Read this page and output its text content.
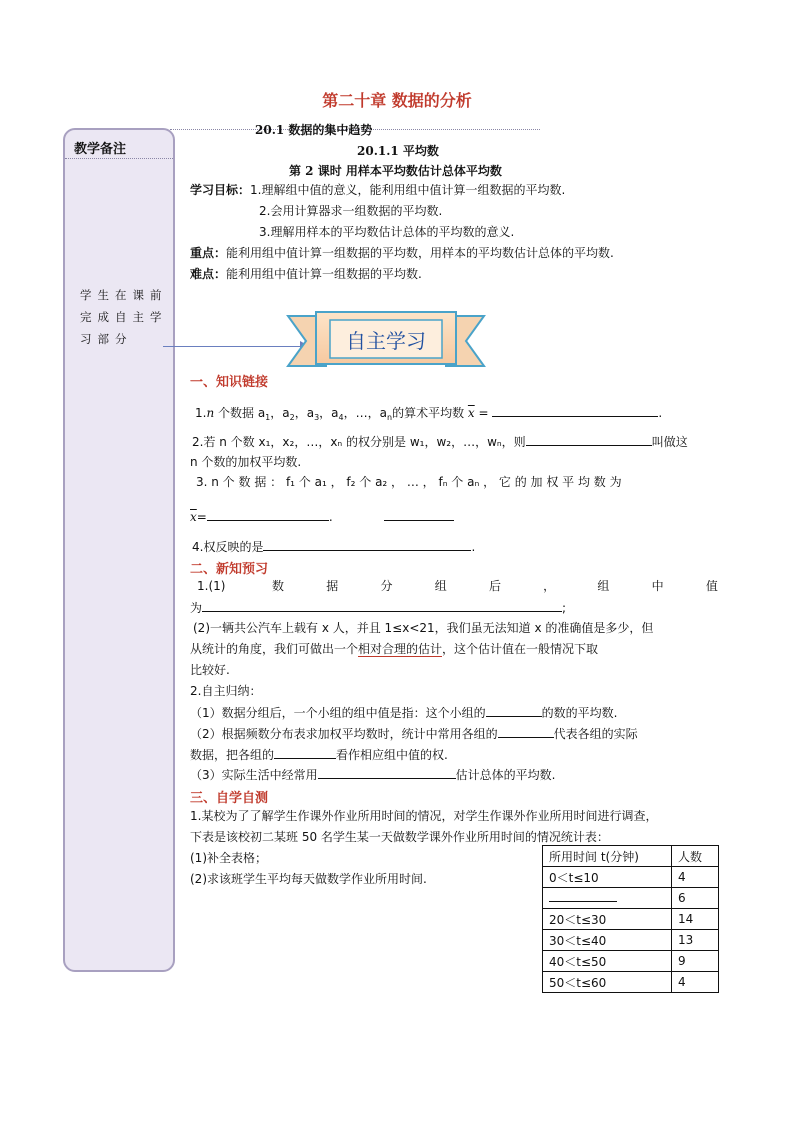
第二十章 数据的分析
教学备注
学生在课前完成自主学习部分
20.1 数据的集中趋势
20.1.1 平均数
第 2 课时 用样本平均数估计总体平均数
学习目标：1.理解组中值的意义，能利用组中值计算一组数据的平均数.
2.会用计算器求一组数据的平均数.
3.理解用样本的平均数估计总体的平均数的意义.
重点：能利用组中值计算一组数据的平均数，用样本的平均数估计总体的平均数.
难点：能利用组中值计算一组数据的平均数.
自主学习
一、知识链接
1.n 个数据 $a_1$，$a_2$，$a_3$，$a_4$，…，$a_n$的算术平均数 $\overline{x}$ =	.
2.若 n 个数 x₁，x₂，…，xₙ 的权分别是 w₁，w₂，…，wₙ，则	叫做这
n 个数的加权平均数.
3. n 个 数 据 ： f₁ 个 a₁ ， f₂ 个 a₂ ， … ， fₙ 个 aₙ ， 它 的 加 权 平 均 数 为
$\overline{x}=$	.
4.权反映的是	.
二、新知预习
1.(1)	数	据	分	组	后	，	组	中	值
为	;
(2)一辆共公汽车上载有 x 人，并且 1≤x<21，我们虽无法知道 x 的准确值是多少，但
从统计的角度，我们可做出一个相对合理的估计，这个估计值在一般情况下取
比较好.
2.自主归纳：
（1）数据分组后，一个小组的组中值是指：这个小组的	的数的平均数.
（2）根据频数分布表求加权平均数时，统计中常用各组的	代表各组的实际
数据，把各组的	看作相应组中值的权.
（3）实际生活中经常用	估计总体的平均数.
三、自学自测
1.某校为了了解学生作课外作业所用时间的情况，对学生作课外作业所用时间进行调查，
下表是该校初二某班 50 名学生某一天做数学课外作业所用时间的情况统计表：
(1)补全表格；
(2)求该班学生平均每天做数学作业所用时间.
所用时间 t(分钟)	人数
0＜t≤10	4
	6
20＜t≤30	14
30＜t≤40	13
40＜t≤50	9
50＜t≤60	4
